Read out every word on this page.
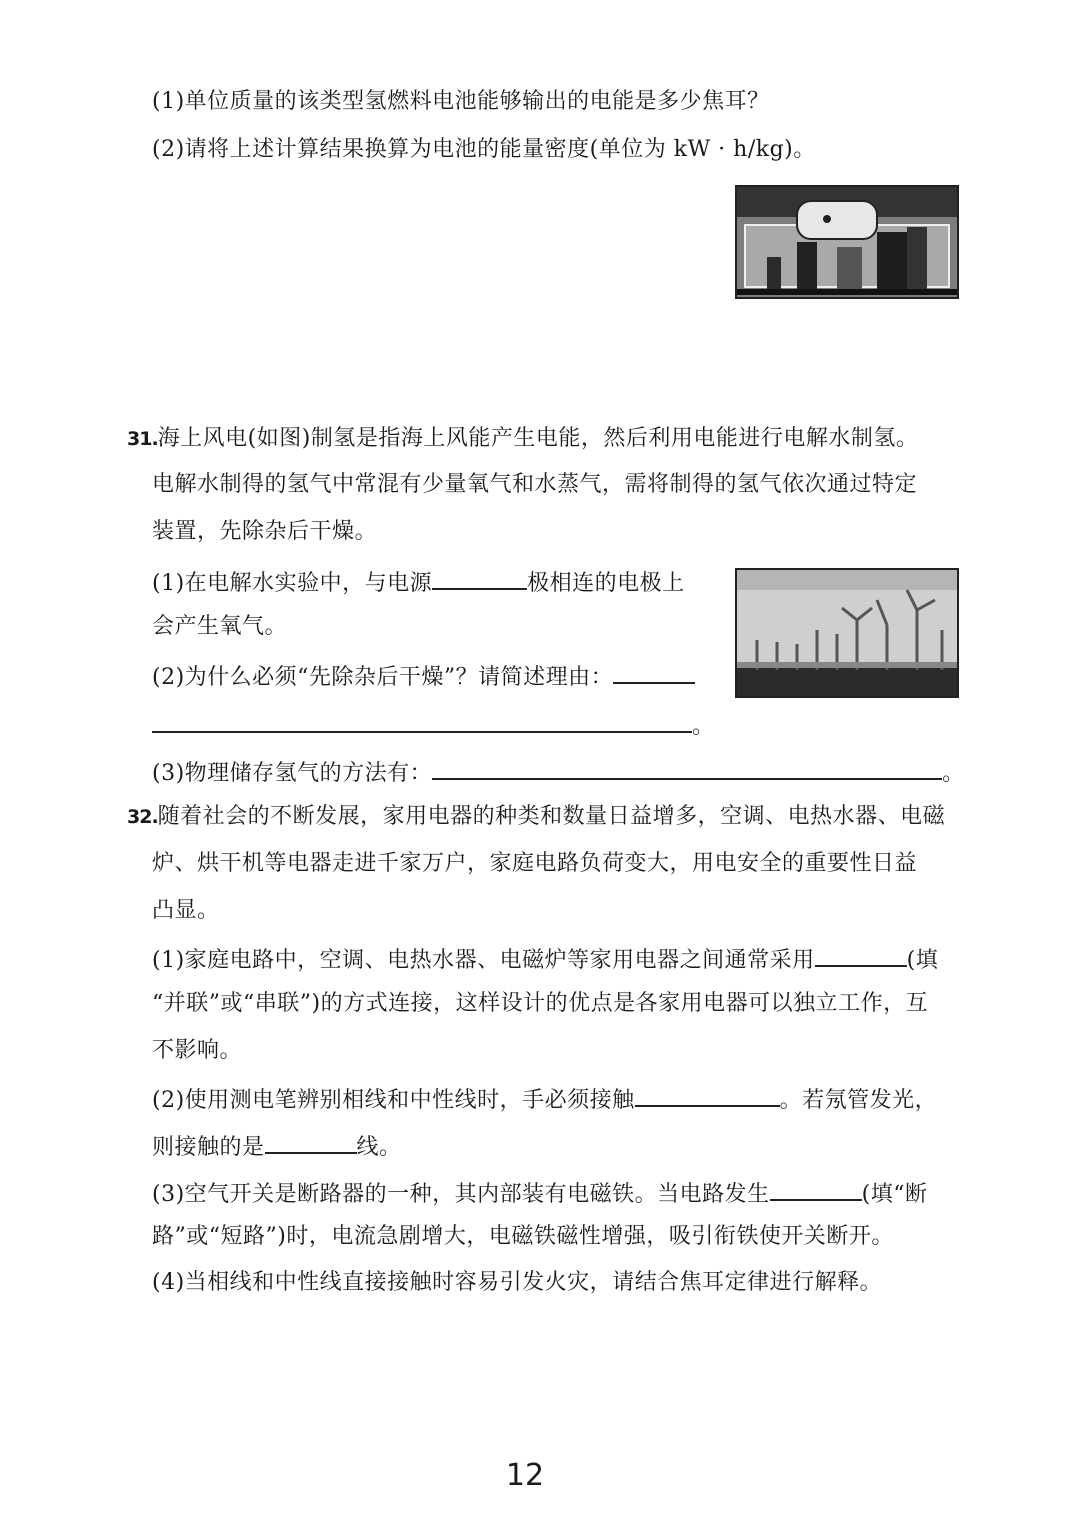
(1)单位质量的该类型氢燃料电池能够输出的电能是多少焦耳？
(2)请将上述计算结果换算为电池的能量密度(单位为 kW · h/kg)。
31.海上风电(如图)制氢是指海上风能产生电能，然后利用电能进行电解水制氢。
电解水制得的氢气中常混有少量氧气和水蒸气，需将制得的氢气依次通过特定
装置，先除杂后干燥。
(1)在电解水实验中，与电源	极相连的电极上
会产生氧气。
(2)为什么必须“先除杂后干燥”？请简述理由：
。
(3)物理储存氢气的方法有：	。
32.随着社会的不断发展，家用电器的种类和数量日益增多，空调、电热水器、电磁
炉、烘干机等电器走进千家万户，家庭电路负荷变大，用电安全的重要性日益
凸显。
(1)家庭电路中，空调、电热水器、电磁炉等家用电器之间通常采用	(填
“并联”或“串联”)的方式连接，这样设计的优点是各家用电器可以独立工作，互
不影响。
(2)使用测电笔辨别相线和中性线时，手必须接触	。若氖管发光，
则接触的是	线。
(3)空气开关是断路器的一种，其内部装有电磁铁。当电路发生	(填“断
路”或“短路”)时，电流急剧增大，电磁铁磁性增强，吸引衔铁使开关断开。
(4)当相线和中性线直接接触时容易引发火灾，请结合焦耳定律进行解释。
12
